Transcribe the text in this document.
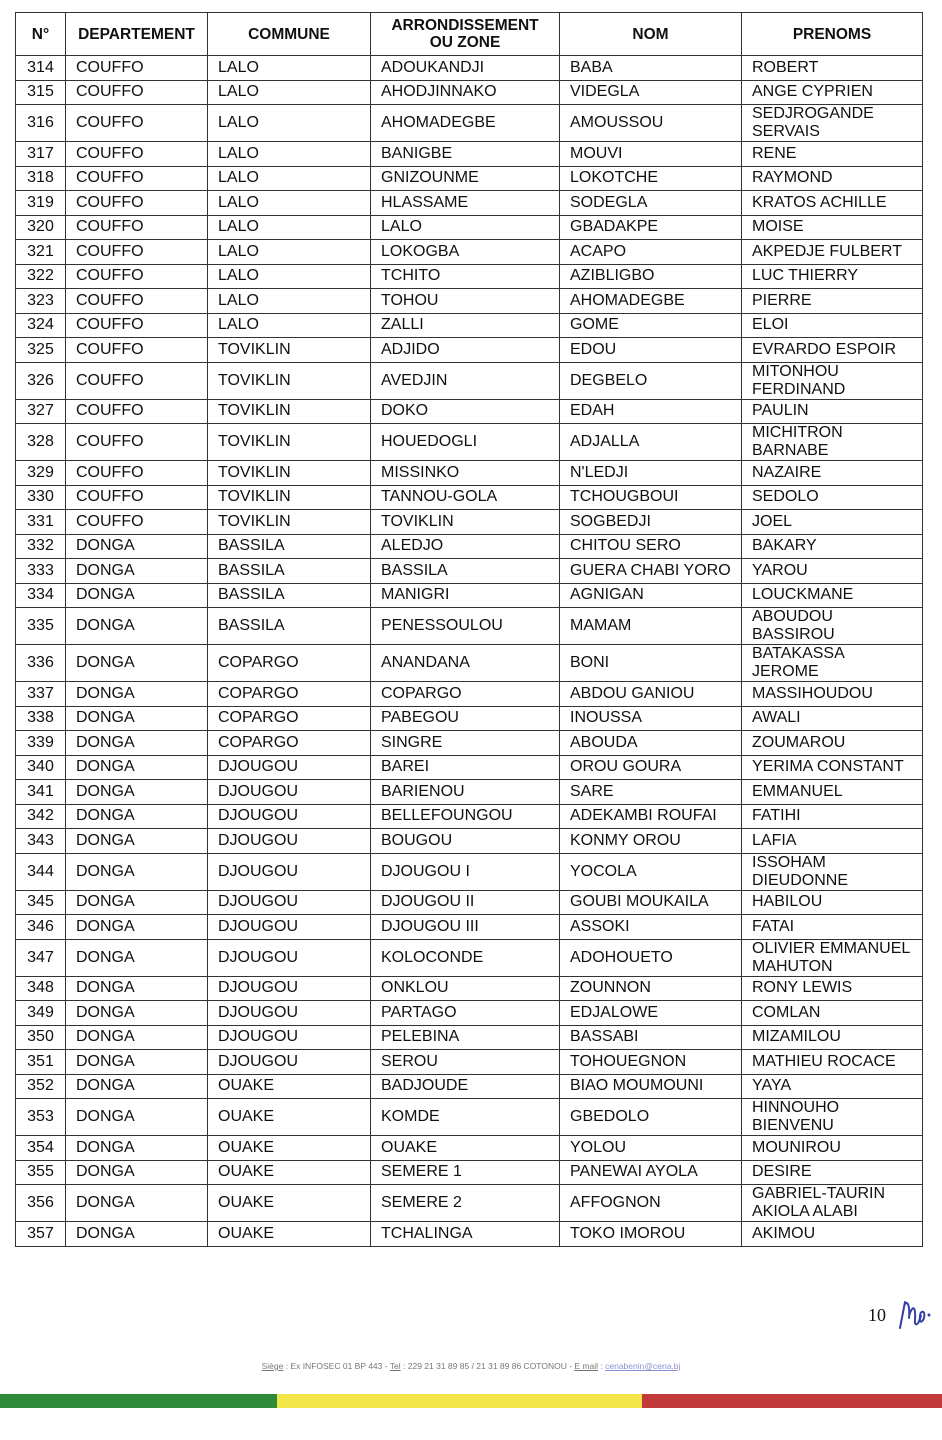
N°	DEPARTEMENT	COMMUNE	ARRONDISSEMENT OU ZONE	NOM	PRENOMS
314	COUFFO	LALO	ADOUKANDJI	BABA	ROBERT
315	COUFFO	LALO	AHODJINNAKO	VIDEGLA	ANGE CYPRIEN
316	COUFFO	LALO	AHOMADEGBE	AMOUSSOU	SEDJROGANDE SERVAIS
317	COUFFO	LALO	BANIGBE	MOUVI	RENE
318	COUFFO	LALO	GNIZOUNME	LOKOTCHE	RAYMOND
319	COUFFO	LALO	HLASSAME	SODEGLA	KRATOS ACHILLE
320	COUFFO	LALO	LALO	GBADAKPE	MOISE
321	COUFFO	LALO	LOKOGBA	ACAPO	AKPEDJE FULBERT
322	COUFFO	LALO	TCHITO	AZIBLIGBO	LUC THIERRY
323	COUFFO	LALO	TOHOU	AHOMADEGBE	PIERRE
324	COUFFO	LALO	ZALLI	GOME	ELOI
325	COUFFO	TOVIKLIN	ADJIDO	EDOU	EVRARDO ESPOIR
326	COUFFO	TOVIKLIN	AVEDJIN	DEGBELO	MITONHOU FERDINAND
327	COUFFO	TOVIKLIN	DOKO	EDAH	PAULIN
328	COUFFO	TOVIKLIN	HOUEDOGLI	ADJALLA	MICHITRON BARNABE
329	COUFFO	TOVIKLIN	MISSINKO	N'LEDJI	NAZAIRE
330	COUFFO	TOVIKLIN	TANNOU-GOLA	TCHOUGBOUI	SEDOLO
331	COUFFO	TOVIKLIN	TOVIKLIN	SOGBEDJI	JOEL
332	DONGA	BASSILA	ALEDJO	CHITOU SERO	BAKARY
333	DONGA	BASSILA	BASSILA	GUERA CHABI YORO	YAROU
334	DONGA	BASSILA	MANIGRI	AGNIGAN	LOUCKMANE
335	DONGA	BASSILA	PENESSOULOU	MAMAM	ABOUDOU BASSIROU
336	DONGA	COPARGO	ANANDANA	BONI	BATAKASSA JEROME
337	DONGA	COPARGO	COPARGO	ABDOU GANIOU	MASSIHOUDOU
338	DONGA	COPARGO	PABEGOU	INOUSSA	AWALI
339	DONGA	COPARGO	SINGRE	ABOUDA	ZOUMAROU
340	DONGA	DJOUGOU	BAREI	OROU GOURA	YERIMA CONSTANT
341	DONGA	DJOUGOU	BARIENOU	SARE	EMMANUEL
342	DONGA	DJOUGOU	BELLEFOUNGOU	ADEKAMBI ROUFAI	FATIHI
343	DONGA	DJOUGOU	BOUGOU	KONMY OROU	LAFIA
344	DONGA	DJOUGOU	DJOUGOU I	YOCOLA	ISSOHAM DIEUDONNE
345	DONGA	DJOUGOU	DJOUGOU II	GOUBI MOUKAILA	HABILOU
346	DONGA	DJOUGOU	DJOUGOU III	ASSOKI	FATAI
347	DONGA	DJOUGOU	KOLOCONDE	ADOHOUETO	OLIVIER EMMANUEL MAHUTON
348	DONGA	DJOUGOU	ONKLOU	ZOUNNON	RONY LEWIS
349	DONGA	DJOUGOU	PARTAGO	EDJALOWE	COMLAN
350	DONGA	DJOUGOU	PELEBINA	BASSABI	MIZAMILOU
351	DONGA	DJOUGOU	SEROU	TOHOUEGNON	MATHIEU ROCACE
352	DONGA	OUAKE	BADJOUDE	BIAO MOUMOUNI	YAYA
353	DONGA	OUAKE	KOMDE	GBEDOLO	HINNOUHO BIENVENU
354	DONGA	OUAKE	OUAKE	YOLOU	MOUNIROU
355	DONGA	OUAKE	SEMERE 1	PANEWAI AYOLA	DESIRE
356	DONGA	OUAKE	SEMERE 2	AFFOGNON	GABRIEL-TAURIN AKIOLA ALABI
357	DONGA	OUAKE	TCHALINGA	TOKO IMOROU	AKIMOU
10
Siège : Ex INFOSEC 01 BP 443 - Tel : 229 21 31 89 85 / 21 31 89 86 COTONOU - E mail : cenabenin@cena.bj
